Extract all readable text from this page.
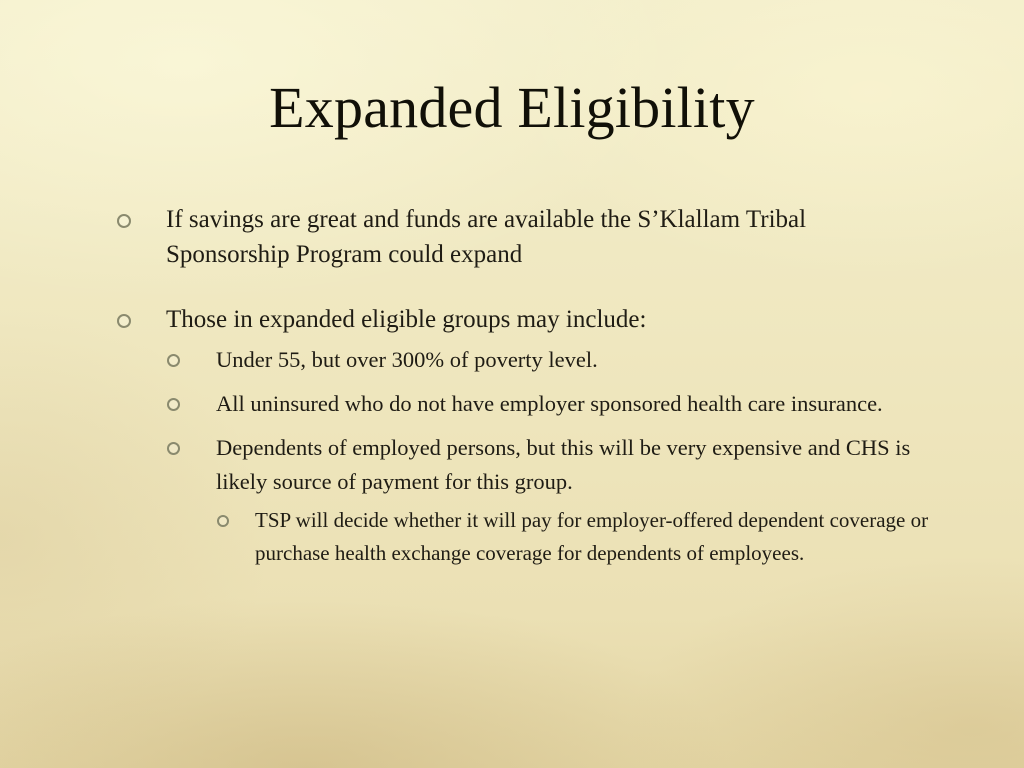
Expanded Eligibility
If savings are great and funds are available the S’Klallam Tribal Sponsorship Program could expand
Those in expanded eligible groups may include:
Under 55, but over 300% of poverty level.
All uninsured who do not have employer sponsored health care insurance.
Dependents of employed persons, but this will be very expensive and CHS is likely source of payment for this group.
TSP will decide whether it will pay for employer-offered dependent coverage or purchase health exchange coverage for dependents of employees.
